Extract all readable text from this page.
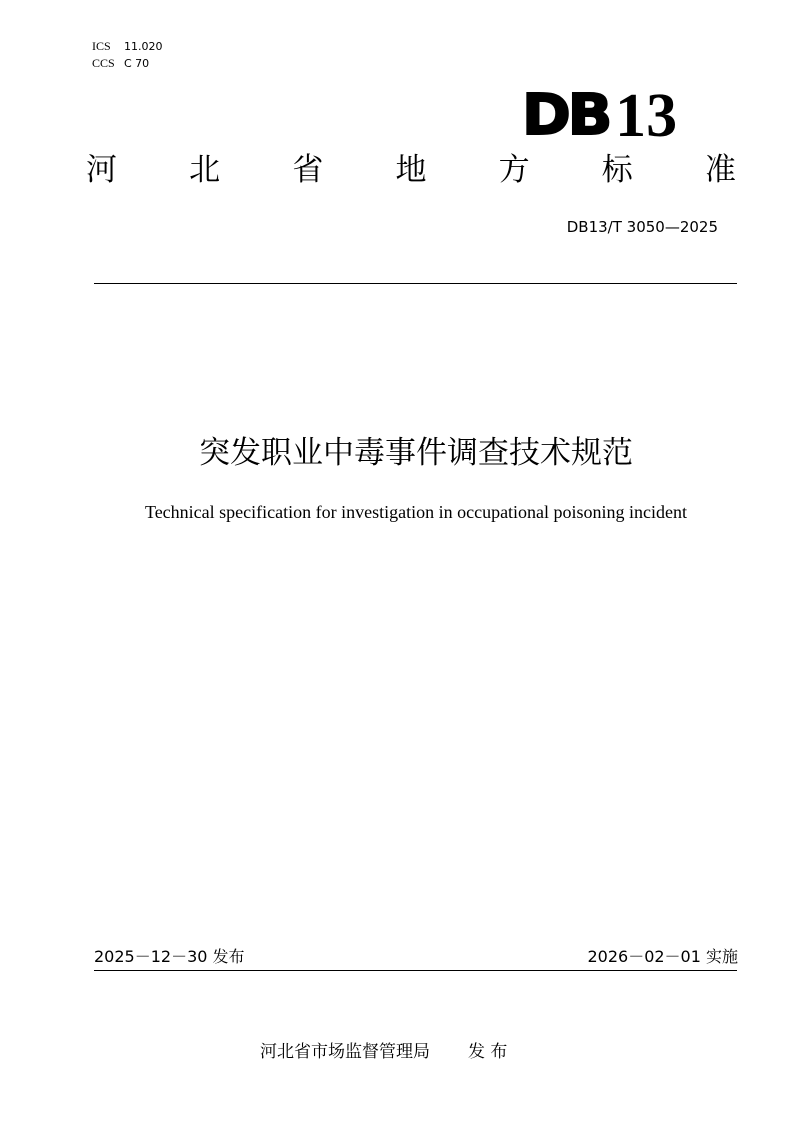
ICS 11.020
CCS C 70
DB 13
河 北 省 地 方 标 准
DB13/T 3050—2025
突发职业中毒事件调查技术规范
Technical specification for investigation in occupational poisoning incident
2025－12－30 发布	2026－02－01 实施
河北省市场监督管理局 发 布
